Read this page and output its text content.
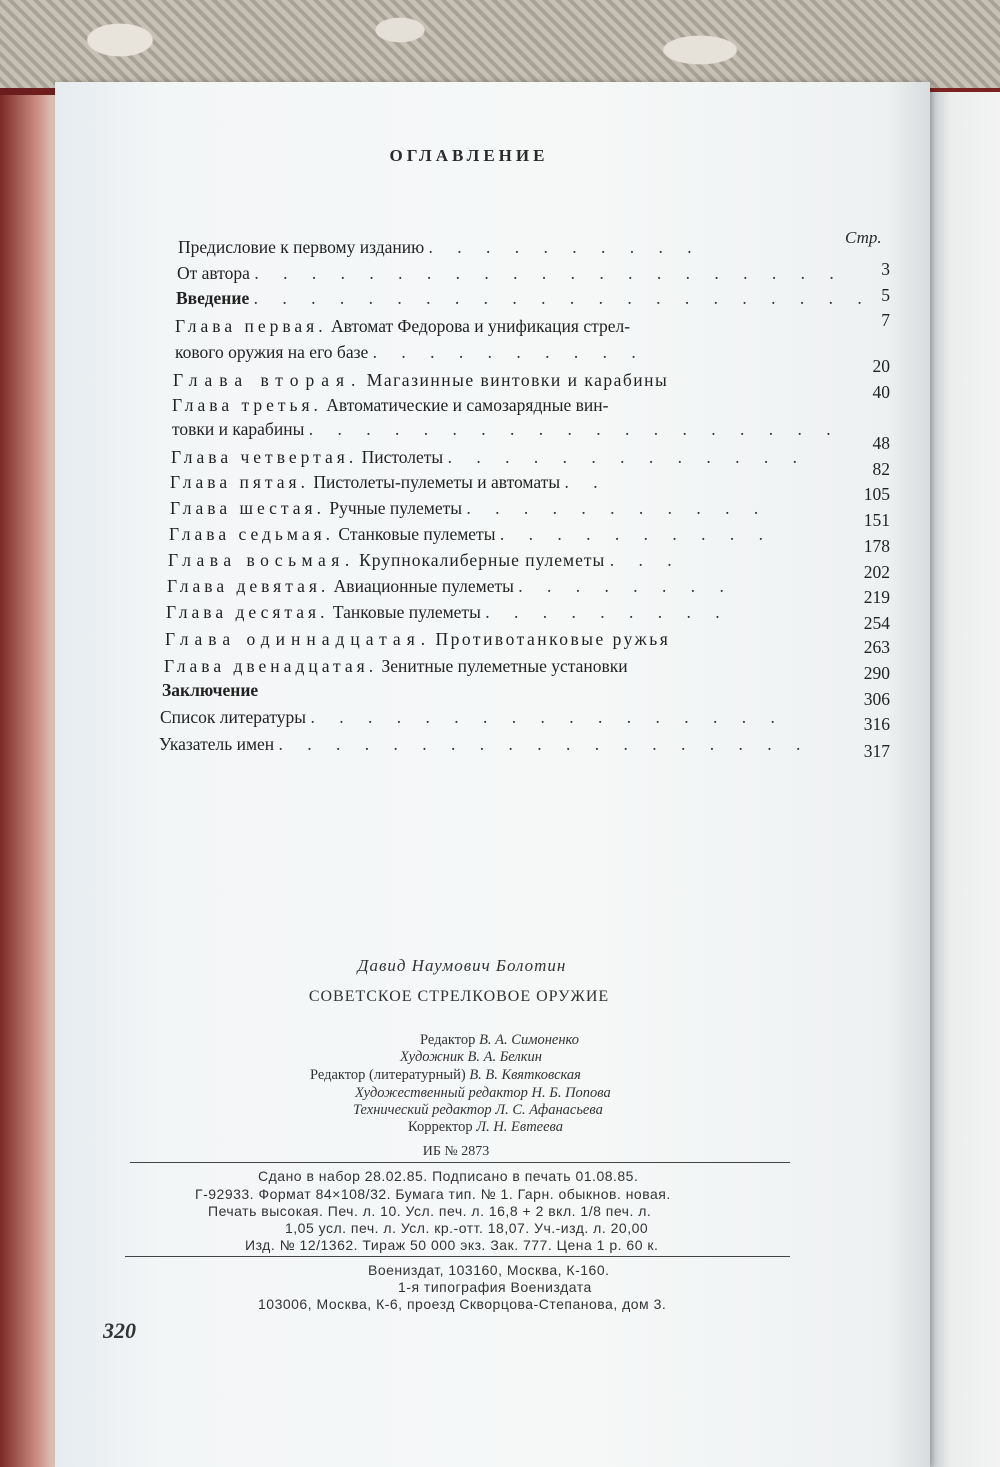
ОГЛАВЛЕНИЕ
Стр.
Предисловие к первому изданию . . . . . . . . . .
3
От автора . . . . . . . . . . . . . . . . . . . . .
5
Введение . . . . . . . . . . . . . . . . . . . . . .
7
Глава первая. Автомат Федорова и унификация стрел-
кового оружия на его базе . . . . . . . . . .
20
Глава вторая. Магазинные винтовки и карабины
40
Глава третья. Автоматические и самозарядные вин-
товки и карабины . . . . . . . . . . . . . . . . . . .
48
Глава четвертая. Пистолеты . . . . . . . . . . . . .
82
Глава пятая. Пистолеты-пулеметы и автоматы . .
105
Глава шестая. Ручные пулеметы . . . . . . . . . . .
151
Глава седьмая. Станковые пулеметы . . . . . . . . . .
178
Глава восьмая. Крупнокалиберные пулеметы . . .
202
Глава девятая. Авиационные пулеметы . . . . . . . .
219
Глава десятая. Танковые пулеметы . . . . . . . . .
254
Глава одиннадцатая. Противотанковые ружья	263
Глава двенадцатая. Зенитные пулеметные установки	290
Заключение	306
Список литературы . . . . . . . . . . . . . . . . .	316
Указатель имен . . . . . . . . . . . . . . . . . . .	317
Давид Наумович Болотин
СОВЕТСКОЕ СТРЕЛКОВОЕ ОРУЖИЕ
Редактор В. А. Симоненко
Художник В. А. Белкин
Редактор (литературный) В. В. Квятковская
Художественный редактор Н. Б. Попова
Технический редактор Л. С. Афанасьева
Корректор Л. Н. Евтеева
ИБ № 2873
Сдано в набор 28.02.85. Подписано в печать 01.08.85.
Г-92933. Формат 84×108/32. Бумага тип. № 1. Гарн. обыкнов. новая.
Печать высокая. Печ. л. 10. Усл. печ. л. 16,8 + 2 вкл. 1/8 печ. л.
1,05 усл. печ. л. Усл. кр.-отт. 18,07. Уч.-изд. л. 20,00
Изд. № 12/1362. Тираж 50 000 экз. Зак. 777. Цена 1 р. 60 к.
Воениздат, 103160, Москва, К-160.
1-я типография Воениздата
103006, Москва, К-6, проезд Скворцова-Степанова, дом 3.
320
